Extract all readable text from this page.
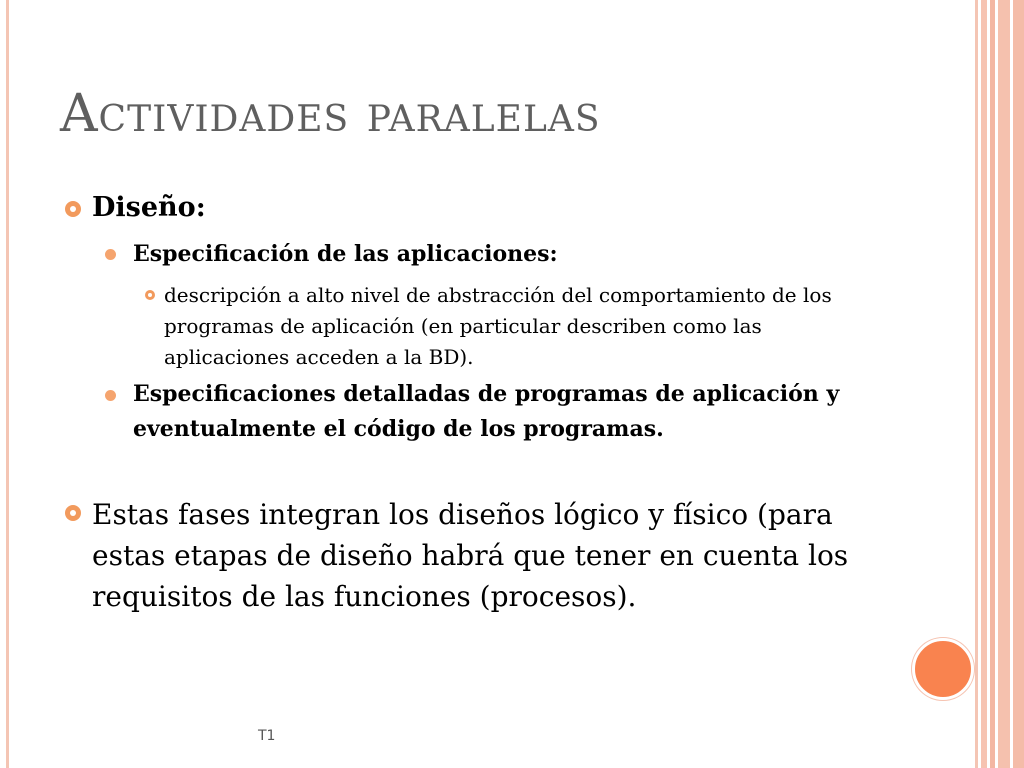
Actividades paralelas

Diseño:

Especificación de las aplicaciones:

descripción a alto nivel de abstracción del comportamiento de los programas de aplicación (en particular describen como las aplicaciones acceden a la BD).

Especificaciones detalladas de programas de aplicación y eventualmente el código de los programas.

Estas fases integran los diseños lógico y físico (para estas etapas de diseño habrá que tener en cuenta los requisitos de las funciones (procesos).

T1
